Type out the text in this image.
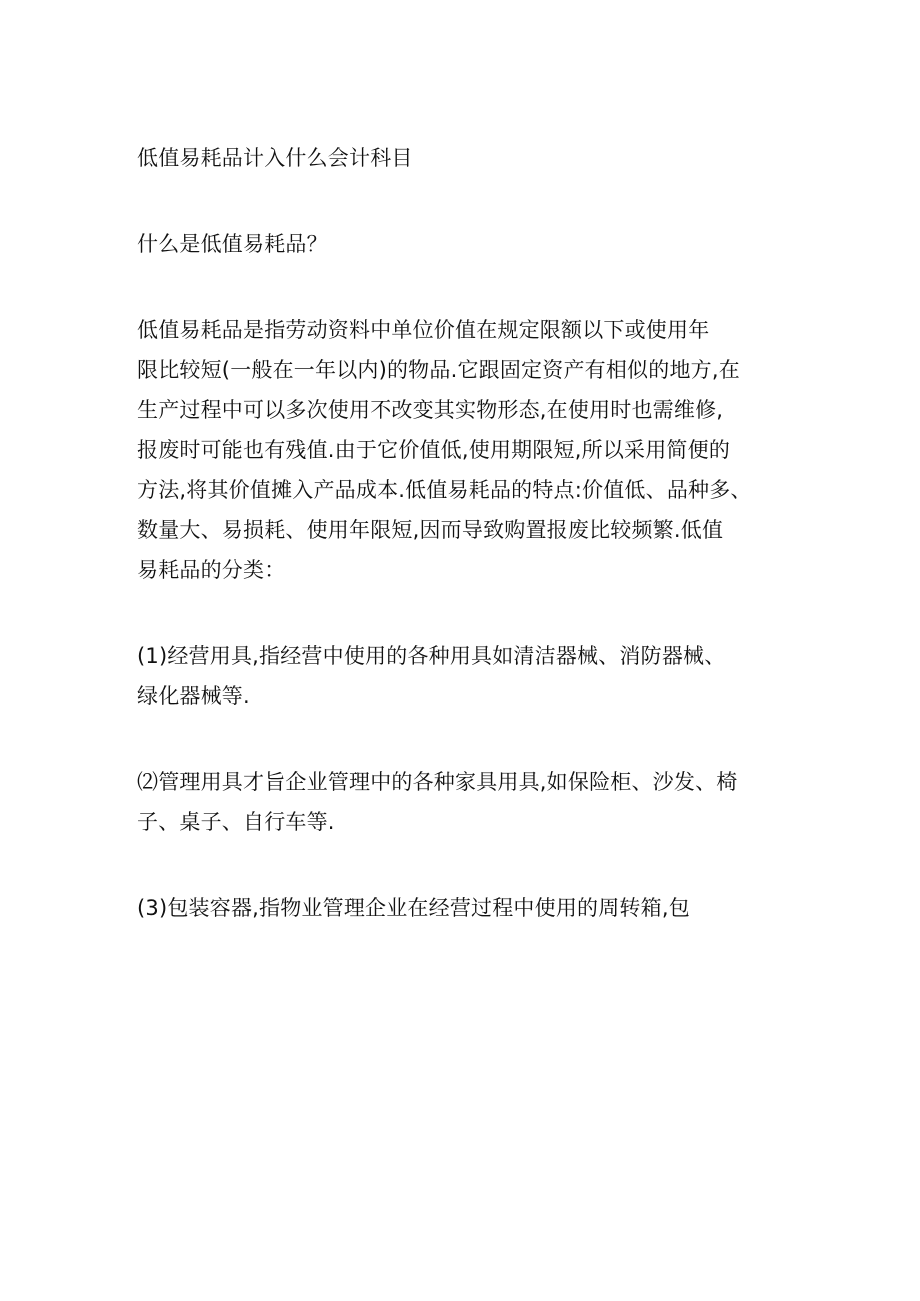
低值易耗品计入什么会计科目
什么是低值易耗品？
低值易耗品是指劳动资料中单位价值在规定限额以下或使用年
限比较短(一般在一年以内)的物品.它跟固定资产有相似的地方,在
生产过程中可以多次使用不改变其实物形态,在使用时也需维修,
报废时可能也有残值.由于它价值低,使用期限短,所以采用简便的
方法,将其价值摊入产品成本.低值易耗品的特点:价值低、品种多、
数量大、易损耗、使用年限短,因而导致购置报废比较频繁.低值
易耗品的分类：
(1)经营用具,指经营中使用的各种用具如清洁器械、消防器械、
绿化器械等.
⑵管理用具才旨企业管理中的各种家具用具,如保险柜、沙发、椅
子、桌子、自行车等.
(3)包装容器,指物业管理企业在经营过程中使用的周转箱,包
